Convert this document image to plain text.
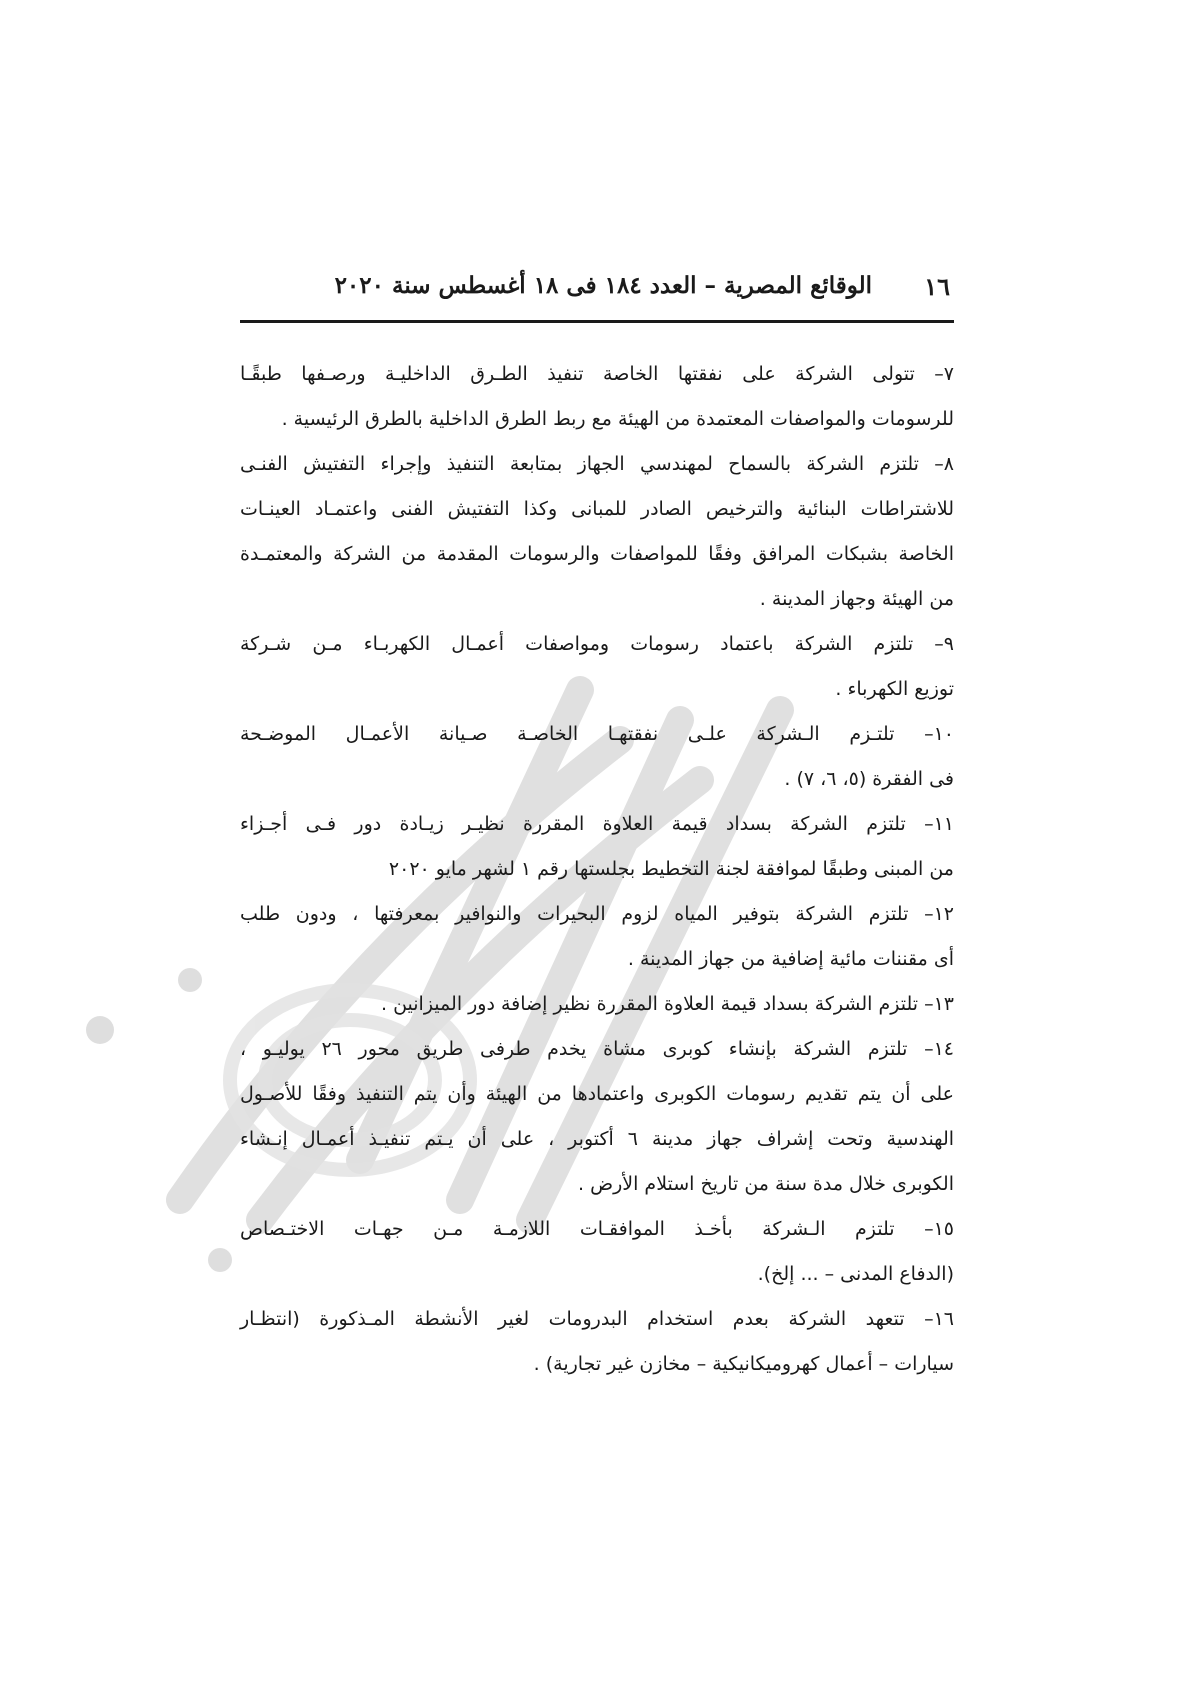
١٦
الوقائع المصرية – العدد ١٨٤ فى ١٨ أغسطس سنة ٢٠٢٠

٧– تتولى الشركة على نفقتها الخاصة تنفيذ الطـرق الداخليـة ورصـفها طبقًـا
للرسومات والمواصفات المعتمدة من الهيئة مع ربط الطرق الداخلية بالطرق الرئيسية .

٨– تلتزم الشركة بالسماح لمهندسي الجهاز بمتابعة التنفيذ وإجراء التفتيش الفنـى
للاشتراطات البنائية والترخيص الصادر للمبانى وكذا التفتيش الفنى واعتمـاد العينـات
الخاصة بشبكات المرافق وفقًا للمواصفات والرسومات المقدمة من الشركة والمعتمـدة
من الهيئة وجهاز المدينة .

٩– تلتزم الشركة باعتماد رسومات ومواصفات أعمـال الكهربـاء مـن شـركة
توزيع الكهرباء .

١٠– تلتـزم الـشركة علـى نفقتهـا الخاصـة صـيانة الأعمـال الموضـحة
فى الفقرة (٥، ٦، ٧) .

١١– تلتزم الشركة بسداد قيمة العلاوة المقررة نظيـر زيـادة دور فـى أجـزاء
من المبنى وطبقًا لموافقة لجنة التخطيط بجلستها رقم ١ لشهر مايو ٢٠٢٠

١٢– تلتزم الشركة بتوفير المياه لزوم البحيرات والنوافير بمعرفتها ، ودون طلب
أى مقننات مائية إضافية من جهاز المدينة .

١٣– تلتزم الشركة بسداد قيمة العلاوة المقررة نظير إضافة دور الميزانين .

١٤– تلتزم الشركة بإنشاء كوبرى مشاة يخدم طرفى طريق محور ٢٦ يوليـو ،
على أن يتم تقديم رسومات الكوبرى واعتمادها من الهيئة وأن يتم التنفيذ وفقًا للأصـول
الهندسية وتحت إشراف جهاز مدينة ٦ أكتوبر ، على أن يـتم تنفيـذ أعمـال إنـشاء
الكوبرى خلال مدة سنة من تاريخ استلام الأرض .

١٥– تلتزم الـشركة بأخـذ الموافقـات اللازمـة مـن جهـات الاختـصاص
(الدفاع المدنى – ... إلخ).

١٦– تتعهد الشركة بعدم استخدام البدرومات لغير الأنشطة المـذكورة (انتظـار
سيارات – أعمال كهروميكانيكية – مخازن غير تجارية) .
